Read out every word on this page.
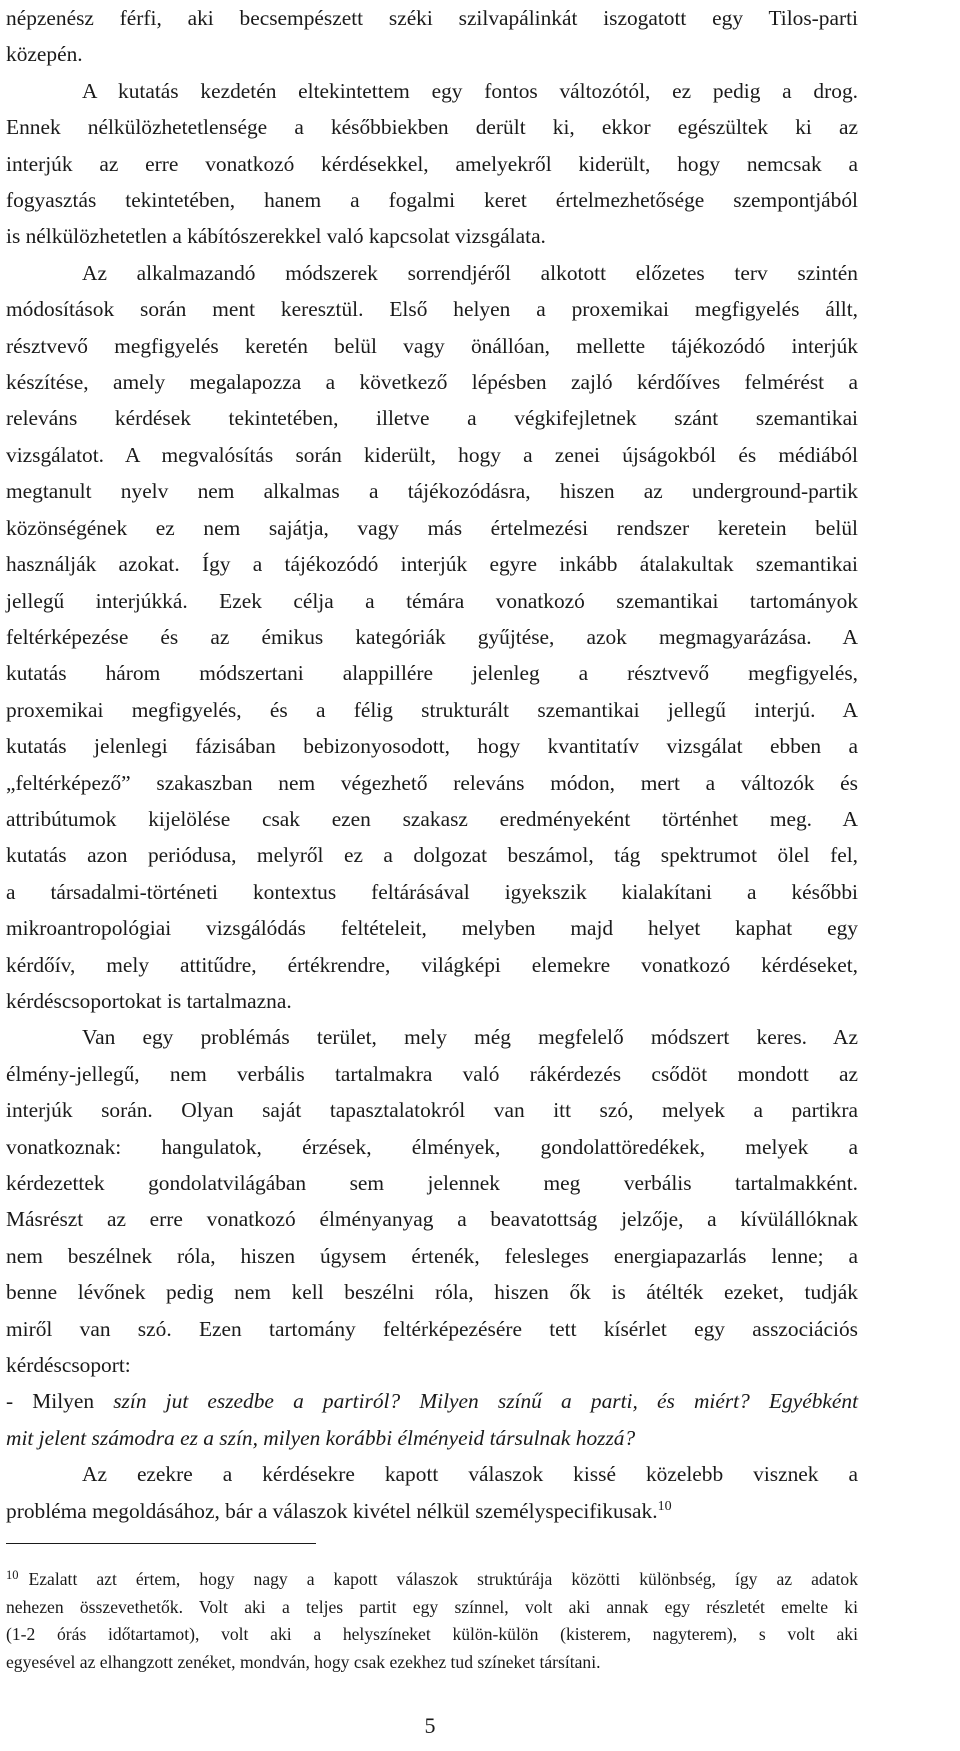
népzenész férfi, aki becsempészett széki szilvapálinkát iszogatott egy Tilos-parti
közepén.
A kutatás kezdetén eltekintettem egy fontos változótól, ez pedig a drog.
Ennek nélkülözhetetlensége a későbbiekben derült ki, ekkor egészültek ki az
interjúk az erre vonatkozó kérdésekkel, amelyekről kiderült, hogy nemcsak a
fogyasztás tekintetében, hanem a fogalmi keret értelmezhetősége szempontjából
is nélkülözhetetlen a kábítószerekkel való kapcsolat vizsgálata.
Az alkalmazandó módszerek sorrendjéről alkotott előzetes terv szintén
módosítások során ment keresztül. Első helyen a proxemikai megfigyelés állt,
résztvevő megfigyelés keretén belül vagy önállóan, mellette tájékozódó interjúk
készítése, amely megalapozza a következő lépésben zajló kérdőíves felmérést a
releváns kérdések tekintetében, illetve a végkifejletnek szánt szemantikai
vizsgálatot. A megvalósítás során kiderült, hogy a zenei újságokból és médiából
megtanult nyelv nem alkalmas a tájékozódásra, hiszen az underground-partik
közönségének ez nem sajátja, vagy más értelmezési rendszer keretein belül
használják azokat. Így a tájékozódó interjúk egyre inkább átalakultak szemantikai
jellegű interjúkká. Ezek célja a témára vonatkozó szemantikai tartományok
feltérképezése és az émikus kategóriák gyűjtése, azok megmagyarázása. A
kutatás három módszertani alappillére jelenleg a résztvevő megfigyelés,
proxemikai megfigyelés, és a félig strukturált szemantikai jellegű interjú. A
kutatás jelenlegi fázisában bebizonyosodott, hogy kvantitatív vizsgálat ebben a
„feltérképező” szakaszban nem végezhető releváns módon, mert a változók és
attribútumok kijelölése csak ezen szakasz eredményeként történhet meg. A
kutatás azon periódusa, melyről ez a dolgozat beszámol, tág spektrumot ölel fel,
a társadalmi-történeti kontextus feltárásával igyekszik kialakítani a későbbi
mikroantropológiai vizsgálódás feltételeit, melyben majd helyet kaphat egy
kérdőív, mely attitűdre, értékrendre, világképi elemekre vonatkozó kérdéseket,
kérdéscsoportokat is tartalmazna.
Van egy problémás terület, mely még megfelelő módszert keres. Az
élmény-jellegű, nem verbális tartalmakra való rákérdezés csődöt mondott az
interjúk során. Olyan saját tapasztalatokról van itt szó, melyek a partikra
vonatkoznak: hangulatok, érzések, élmények, gondolattöredékek, melyek a
kérdezettek gondolatvilágában sem jelennek meg verbális tartalmakként.
Másrészt az erre vonatkozó élményanyag a beavatottság jelzője, a kívülállóknak
nem beszélnek róla, hiszen úgysem értenék, felesleges energiapazarlás lenne; a
benne lévőnek pedig nem kell beszélni róla, hiszen ők is átélték ezeket, tudják
miről van szó. Ezen tartomány feltérképezésére tett kísérlet egy asszociációs
kérdéscsoport:
- Milyen szín jut eszedbe a partiról? Milyen színű a parti, és miért? Egyébként
mit jelent számodra ez a szín, milyen korábbi élményeid társulnak hozzá?
Az ezekre a kérdésekre kapott válaszok kissé közelebb visznek a
probléma megoldásához, bár a válaszok kivétel nélkül személyspecifikusak.$^{10}$
$^{10}$ Ezalatt azt értem, hogy nagy a kapott válaszok struktúrája közötti különbség, így az adatok
nehezen összevethetők. Volt aki a teljes partit egy színnel, volt aki annak egy részletét emelte ki
(1-2 órás időtartamot), volt aki a helyszíneket külön-külön (kisterem, nagyterem), s volt aki
egyesével az elhangzott zenéket, mondván, hogy csak ezekhez tud színeket társítani.
5
